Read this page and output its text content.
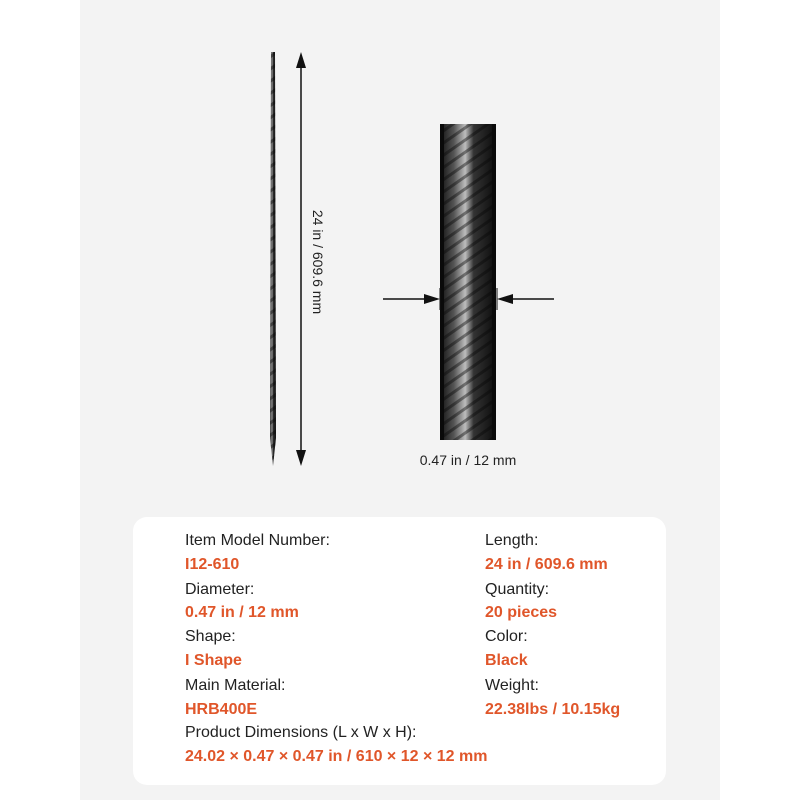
24 in / 609.6 mm
0.47 in / 12 mm
Item Model Number:
I12-610
Length:
24 in / 609.6 mm
Diameter:
0.47 in / 12 mm
Quantity:
20 pieces
Shape:
I Shape
Color:
Black
Main Material:
HRB400E
Weight:
22.38lbs / 10.15kg
Product Dimensions (L x W x H):
24.02 × 0.47 × 0.47 in / 610 × 12 × 12 mm
